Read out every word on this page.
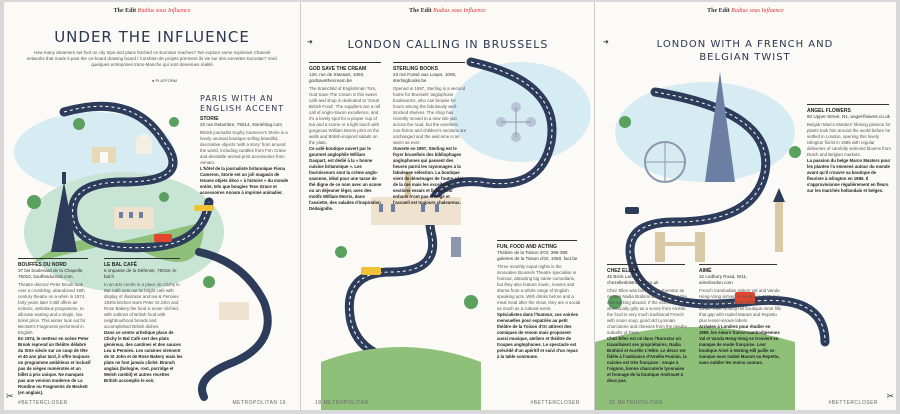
The Edit Radius sous Influence
UNDER THE INFLUENCE
How many dreamers set foot on city trips and plans fetched on Eurostar reaches? We explore some explosive Channel networks that made it past the on-board drawing board / Combien de projets prennent ils vie sur des sorvettes Eurostar? Voici quelques entreprises trans-Manche qui sont devenues réalité
● PLATFORM
PARIS WITH AN ENGLISH ACCENT
STORIE
20 rue Delambre, 75014, storieblog.com
British journalist Sophy Cameron's Storie is a lovely unusual boutique selling beautiful, decorative objects 'with a story' from around the world, including candles from Fen Crane and desirable animal print accessories from Annam.
L'hôtel de la journaliste britannique Fiona Cameron, Storie est un joli magasin de tenues objets déco « à histoire » du monde entier, tels que bougies Tess Grace et accessoires Annam à imprimé animalier.
BOUFFES DU NORD
37 bis boulevard de la Chapelle, 75010, bouffesdunord.com
Theatre director Peter Brook took over a crumbling, abandoned 19th century theatre on a whim in 1974, forty years later it still offers an eclectic, ambitious programme, to allocate seating and a single, low ticket price. This winter look out for Beckett's Fragments performed in English.
En 1974, le metteur en scène Peter Brook reprend un théâtre délabré du XIXe siècle sur un coup de tête et 40 ans plus tard, il offre toujours un programme ambitieux et inclusif pas de sièges numérotés et un billet à prix unique. Ne manquez pas une version moderne de La Rondine ou Fragments de Beckett (en anglais).
LE BAL CAFÉ
6 impasse de la Défense, 75018, le-bal.fr
In an arts centre in a place de Clichy le Bal Café sets out its bright café with display of illustrator and tea & Pennies 1940s kitchen team Peter St John and Rose Bakery the food is never clichéd, with outlines of British food with neighbourhood breads and accomplished British dishes.
Dans ce centre artistique place de Clichy le Bal Café sert des plats généreux, des cantines et des sauces Lea & Pennies. Les cuisines viennent de St John et de Rose Bakery mais les plats ne font jamais cliché. Brunch anglais (bologne, rost, porridge et Welsh rarebit) et autres recettes British accomplis le soir.
#BETTERCLOSER	METROPOLITAN 16
✂
The Edit Radius sous Influence
➜	LONDON CALLING IN BRUSSELS
GOD SAVE THE CREAM
130, rue de Stassart, 1050, godsavethecream.be
The brainchild of Englishman Tom, God Save The Cream is this sweet café and shop is dedicated to 'Great British Food'. The suppliers are a roll call of Anglo-Saxon excellence, and it's a lovely spot for a proper cup of tea and a scone or a light lunch with gorgeous William Morris print on the walls and British-inspired salads on the plate.
Ce café-boutique ouvert par le gourmet anglophile William Gaspart, est dédié à la « bonne cuisine britannique ». Les fournisseurs sont la crème anglo-saxonne, idéal pour une tasse de thé digne de ce nom avec un scone ou un déjeuner léger, avec des motifs William Morris, dans l'assiette, des salades d'inspiration Dédaignille.
STERLING BOOKS
23 rue Fossé aux Loups, 1000, sterlingbooks.be
Opened in 1997, Sterling is a second home for Brussels' anglophone bookworms, who can browse for hours among the fabulously well-stocked shelves. The shop has recently moved to a new site just across the road, but the excellent non-fiction and children's sections are unchanged and the welcome is as warm as ever.
Ouverte en 1997, Sterling est le foyer bruxellois des bibliophages anglophones qui passent des heures parmi les rayonnages à la fabuleuse sélection. La boutique vient de déménager de l'autre côté de la rue mais les excellentes sections essais et livres pour enfants n'ont pas changé et l'accueil est toujours chaleureux.
FUN, FOOD AND ACTING
Théâtre de la Toison d'Or, 396-398 galeries de la Toison d'Or, 1050, fact.be
Three monthly expat nights is the innovative Brussels Theatre specialise in humour, attracting big name comedians, but they also feature music, movies and drama from a whole range of English speaking acts. With drinks before and a meal meal after the show, they are a social as much as a cultural event.
Spécialistes dans l'humour, ces soirées mensuelles pour expatriés au petit théâtre de la Toison d'Or attirent des comiques de renom mais proposent aussi musique, ateliers et théâtre de troupes anglophones. Le spectacle est précédé d'un apéritif et suivi d'un repas à la table commune.
18 METROPOLITAN	#BETTERCLOSER
The Edit Radius sous Influence
➜	LONDON WITH A FRENCH AND BELGIAN TWIST
ANGEL FLOWERS
60 Upper Street, N1, angel-flowers.co.uk
Belgian Marco Masters' lifelong passion for plants took him around the world before he settled in London, opening this lovely Islington florist in 1985 with regular deliveries of carefully selected blooms from Dutch and Belgian markets.
La passion du belge Marco Masters pour les plantes l'a emmené autour du monde avant qu'il n'ouvre sa boutique de fleuriste à Islington en 1985. Il s'approvisionne régulièrement en fleurs sur les marchés hollandais et belges.
CHEZ ELLES
45 Brick Lane, E1, chezellesbistroquet.co.uk
Chez Elles was born on the Eurostar as owners Nadia Brahimi and Aurelie L'Hôte met working aboard. If the interior is as whimsically girly as a scene from Amélie, the food is very much traditional French with onion soup, good old Lyonnais charcuterie and cheeses from the nearby suburbs of Paris.
Chez Elles est né dans l'Eurostar où travaillaient ses propriétaires, Nadia Brahimi et Aurélie L'Hôte. Le décor est fidèle à l'ambiance d'Amélie Poulain, la cuisine est très française : soupe à l'oignon, bonne charcuterie lyonnaise et fromage de la boutique Androuet à deux pas.
AIMÉ
32 Ledbury Road, W11, aimelondon.com
French Cambodian sisters Val and Vanda Heng-Vong arrived in London in 1999 but couldn't find the French fashion they loved. Their Notting Hill boutique Aimé fills that gap with Isabel Marant and Repetto plus lesser-known labels.
Arrivées à Londres pour étudier en 1999, les sœurs franco-cambodgiennes Val et Vanda Heng-Vong se trouvent en manque de mode française. Leur boutique Aimé à Notting Hill pallie ce manque avec Isabel Marant ou Repetto, sans oublier les moins connus.
20 METROPOLITAN	#BETTERCLOSER
✂
